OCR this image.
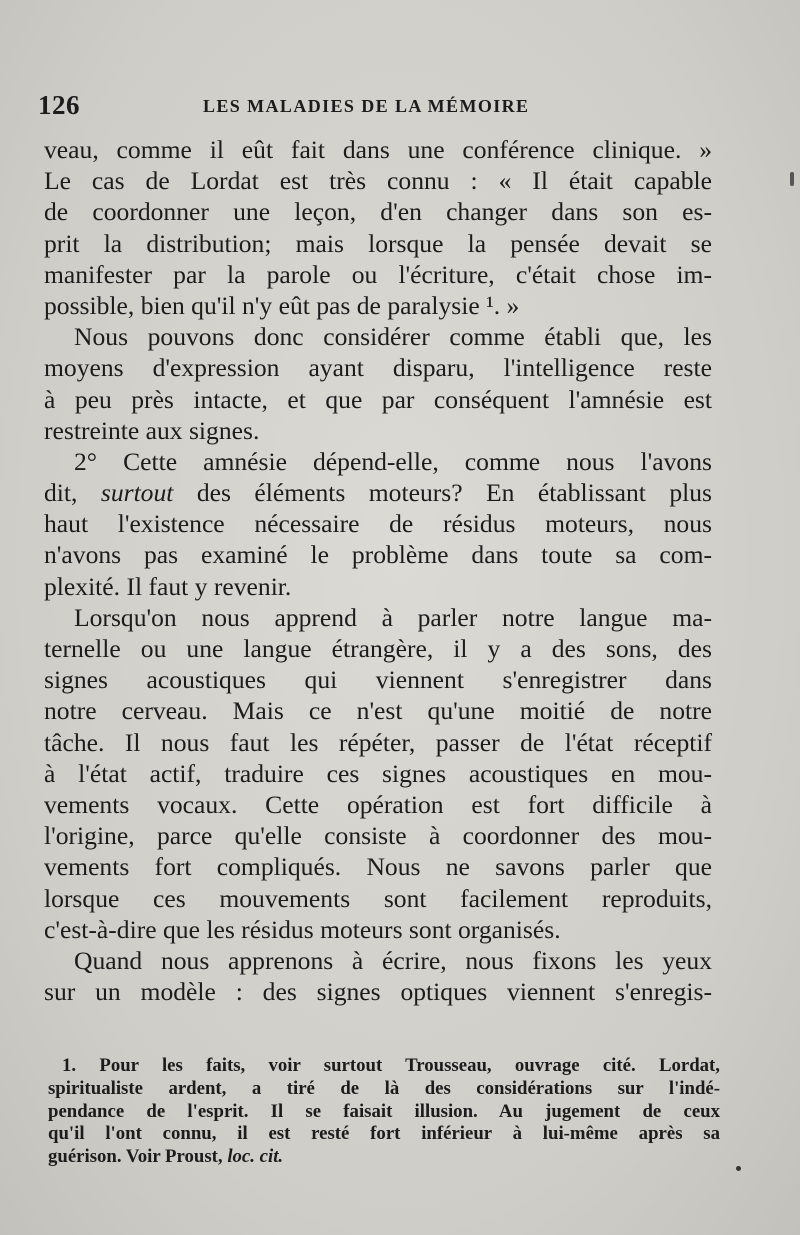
126	LES MALADIES DE LA MÉMOIRE
veau, comme il eût fait dans une conférence clinique. »
Le cas de Lordat est très connu : « Il était capable
de coordonner une leçon, d'en changer dans son es-
prit la distribution; mais lorsque la pensée devait se
manifester par la parole ou l'écriture, c'était chose im-
possible, bien qu'il n'y eût pas de paralysie ¹. »
Nous pouvons donc considérer comme établi que, les
moyens d'expression ayant disparu, l'intelligence reste
à peu près intacte, et que par conséquent l'amnésie est
restreinte aux signes.
2° Cette amnésie dépend-elle, comme nous l'avons
dit, surtout des éléments moteurs? En établissant plus
haut l'existence nécessaire de résidus moteurs, nous
n'avons pas examiné le problème dans toute sa com-
plexité. Il faut y revenir.
Lorsqu'on nous apprend à parler notre langue ma-
ternelle ou une langue étrangère, il y a des sons, des
signes acoustiques qui viennent s'enregistrer dans
notre cerveau. Mais ce n'est qu'une moitié de notre
tâche. Il nous faut les répéter, passer de l'état réceptif
à l'état actif, traduire ces signes acoustiques en mou-
vements vocaux. Cette opération est fort difficile à
l'origine, parce qu'elle consiste à coordonner des mou-
vements fort compliqués. Nous ne savons parler que
lorsque ces mouvements sont facilement reproduits,
c'est-à-dire que les résidus moteurs sont organisés.
Quand nous apprenons à écrire, nous fixons les yeux
sur un modèle : des signes optiques viennent s'enregis-
1. Pour les faits, voir surtout Trousseau, ouvrage cité. Lordat,
spiritualiste ardent, a tiré de là des considérations sur l'indé-
pendance de l'esprit. Il se faisait illusion. Au jugement de ceux
qu'il l'ont connu, il est resté fort inférieur à lui-même après sa
guérison. Voir Proust, loc. cit.
